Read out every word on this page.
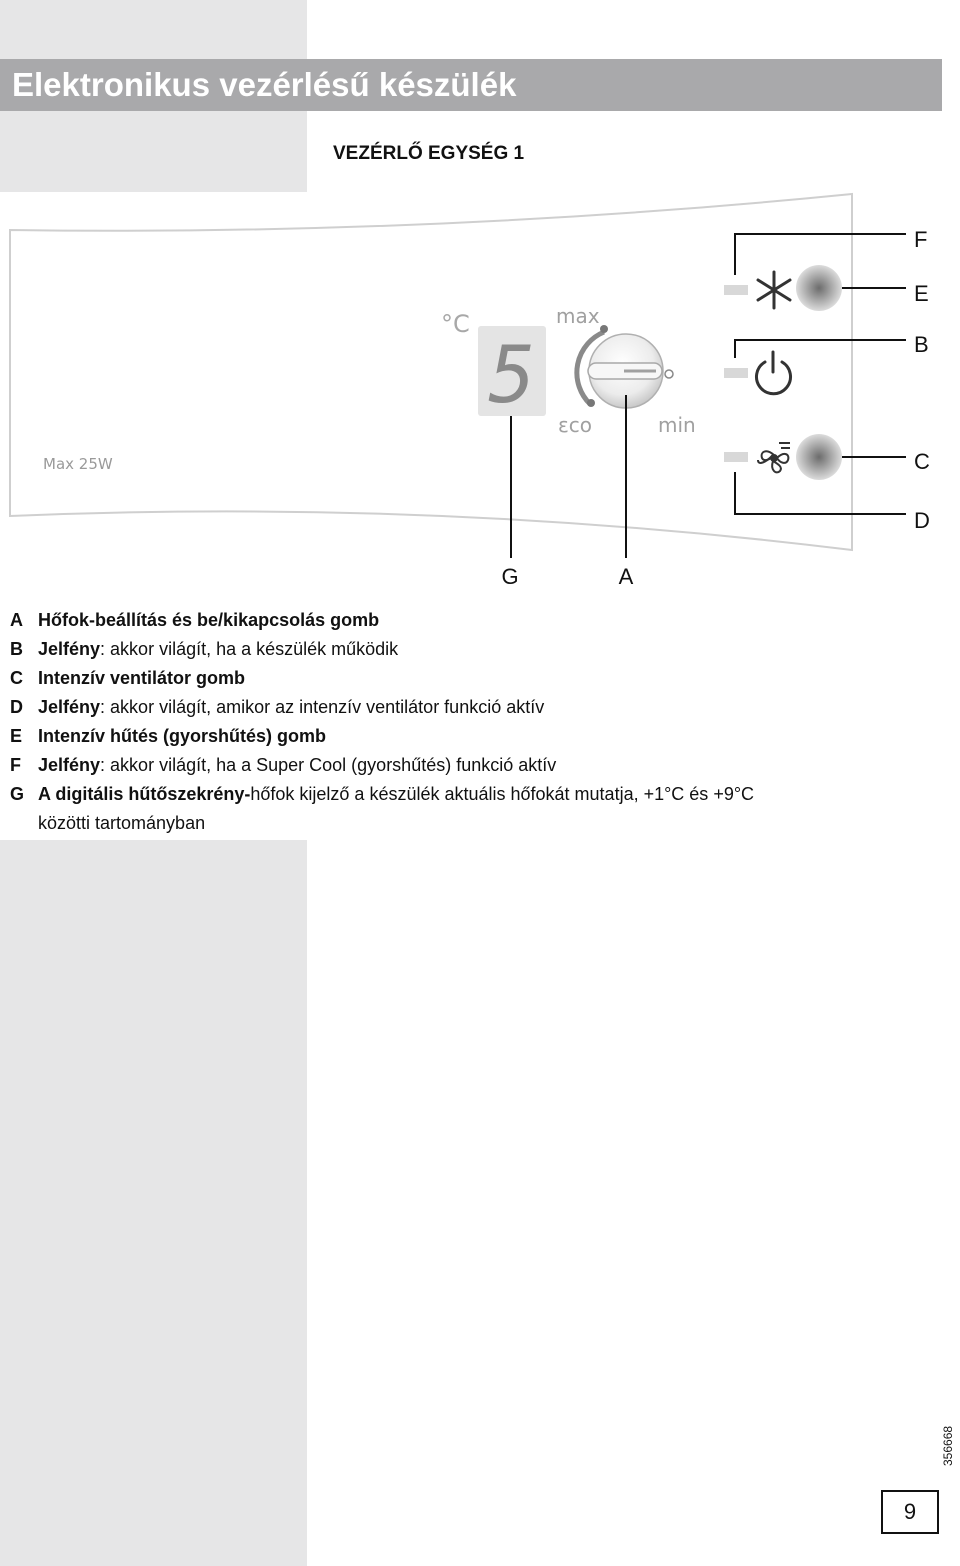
Elektronikus vezérlésű készülék
VEZÉRLŐ EGYSÉG 1
Max 25W
°C
5
max
εco	min
G	A
F
E
B
C
D
A Hőfok-beállítás és be/kikapcsolás gomb
B Jelfény: akkor világít, ha a készülék működik
C Intenzív ventilátor gomb
D Jelfény: akkor világít, amikor az intenzív ventilátor funkció aktív
E Intenzív hűtés (gyorshűtés) gomb
F Jelfény: akkor világít, ha a Super Cool (gyorshűtés) funkció aktív
G A digitális hűtőszekrény-hőfok kijelző a készülék aktuális hőfokát mutatja, +1°C és +9°C
közötti tartományban
356668
9
